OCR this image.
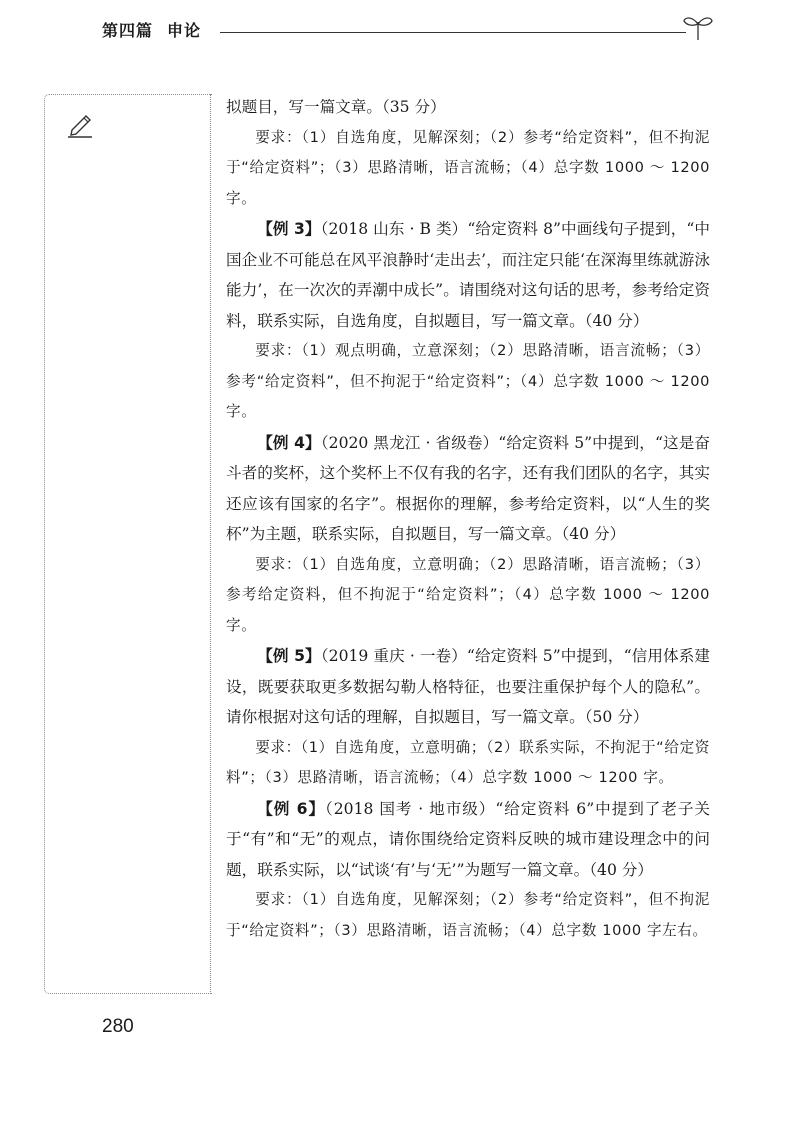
第四篇 申论

拟题目，写一篇文章。（35 分）

要求：（1）自选角度，见解深刻；（2）参考“给定资料”，但不拘泥于“给定资料”；（3）思路清晰，语言流畅；（4）总字数 1000 ～ 1200 字。

【例 3】（2018 山东 · B 类）“给定资料 8”中画线句子提到，“中国企业不可能总在风平浪静时‘走出去’，而注定只能‘在深海里练就游泳能力’，在一次次的弄潮中成长”。请围绕对这句话的思考，参考给定资料，联系实际，自选角度，自拟题目，写一篇文章。（40 分）

要求：（1）观点明确，立意深刻；（2）思路清晰，语言流畅；（3）参考“给定资料”，但不拘泥于“给定资料”；（4）总字数 1000 ～ 1200 字。

【例 4】（2020 黑龙江 · 省级卷）“给定资料 5”中提到，“这是奋斗者的奖杯，这个奖杯上不仅有我的名字，还有我们团队的名字，其实还应该有国家的名字”。根据你的理解，参考给定资料，以“人生的奖杯”为主题，联系实际，自拟题目，写一篇文章。（40 分）

要求：（1）自选角度，立意明确；（2）思路清晰，语言流畅；（3）参考给定资料，但不拘泥于“给定资料”；（4）总字数 1000 ～ 1200 字。

【例 5】（2019 重庆 · 一卷）“给定资料 5”中提到，“信用体系建设，既要获取更多数据勾勒人格特征，也要注重保护每个人的隐私”。请你根据对这句话的理解，自拟题目，写一篇文章。（50 分）

要求：（1）自选角度，立意明确；（2）联系实际，不拘泥于“给定资料”；（3）思路清晰，语言流畅；（4）总字数 1000 ～ 1200 字。

【例 6】（2018 国考 · 地市级）“给定资料 6”中提到了老子关于“有”和“无”的观点，请你围绕给定资料反映的城市建设理念中的问题，联系实际，以“试谈‘有’与‘无’”为题写一篇文章。（40 分）

要求：（1）自选角度，见解深刻；（2）参考“给定资料”，但不拘泥于“给定资料”；（3）思路清晰，语言流畅；（4）总字数 1000 字左右。

280
